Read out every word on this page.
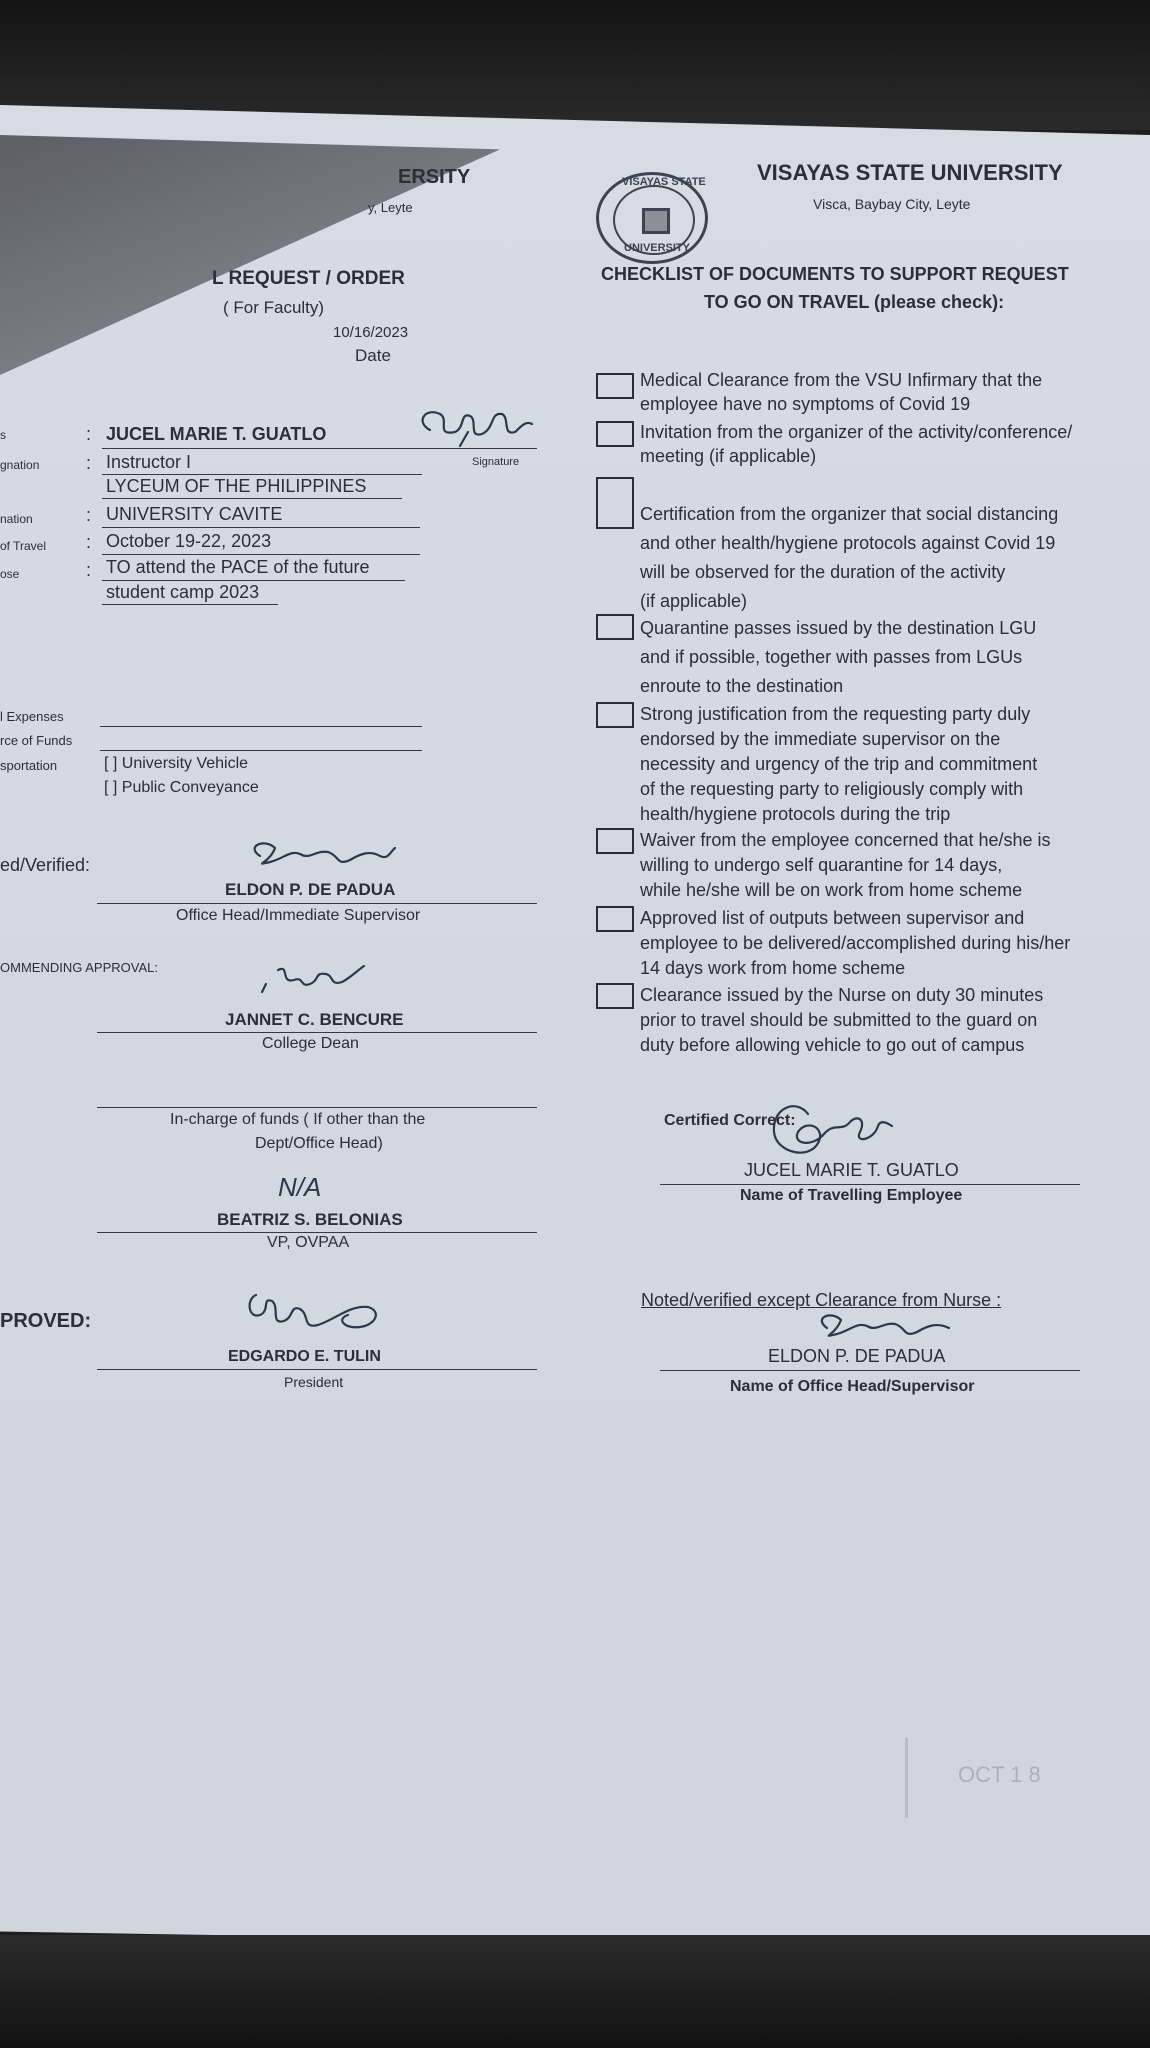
ERSITY
y, Leyte
L REQUEST / ORDER
( For Faculty)
10/16/2023
Date
VISAYAS STATE
UNIVERSITY
VISAYAS STATE UNIVERSITY
Visca, Baybay City, Leyte
CHECKLIST OF DOCUMENTS TO SUPPORT REQUEST
TO GO ON TRAVEL (please check):
s	: JUCEL MARIE T. GUATLO
Signature
gnation	: Instructor I
LYCEUM OF THE PHILIPPINES
nation	: UNIVERSITY CAVITE
of Travel : October 19-22, 2023
ose	: TO attend the PACE of the future
student camp 2023
l Expenses
rce of Funds
sportation	[ ] University Vehicle
[ ] Public Conveyance
ed/Verified:
ELDON P. DE PADUA
Office Head/Immediate Supervisor
OMMENDING APPROVAL:
JANNET C. BENCURE
College Dean
In-charge of funds ( If other than the
Dept/Office Head)
N/A
BEATRIZ S. BELONIAS
VP, OVPAA
PROVED:
EDGARDO E. TULIN
President
Medical Clearance from the VSU Infirmary that the
employee have no symptoms of Covid 19
Invitation from the organizer of the activity/conference/
meeting (if applicable)
Certification from the organizer that social distancing
and other health/hygiene protocols against Covid 19
will be observed for the duration of the activity
(if applicable)
Quarantine passes issued by the destination LGU
and if possible, together with passes from LGUs
enroute to the destination
Strong justification from the requesting party duly
endorsed by the immediate supervisor on the
necessity and urgency of the trip and commitment
of the requesting party to religiously comply with
health/hygiene protocols during the trip
Waiver from the employee concerned that he/she is
willing to undergo self quarantine for 14 days,
while he/she will be on work from home scheme
Approved list of outputs between supervisor and
employee to be delivered/accomplished during his/her
14 days work from home scheme
Clearance issued by the Nurse on duty 30 minutes
prior to travel should be submitted to the guard on
duty before allowing vehicle to go out of campus
Certified Correct:
JUCEL MARIE T. GUATLO
Name of Travelling Employee
Noted/verified except Clearance from Nurse :
ELDON P. DE PADUA
Name of Office Head/Supervisor
OCT 1 8
